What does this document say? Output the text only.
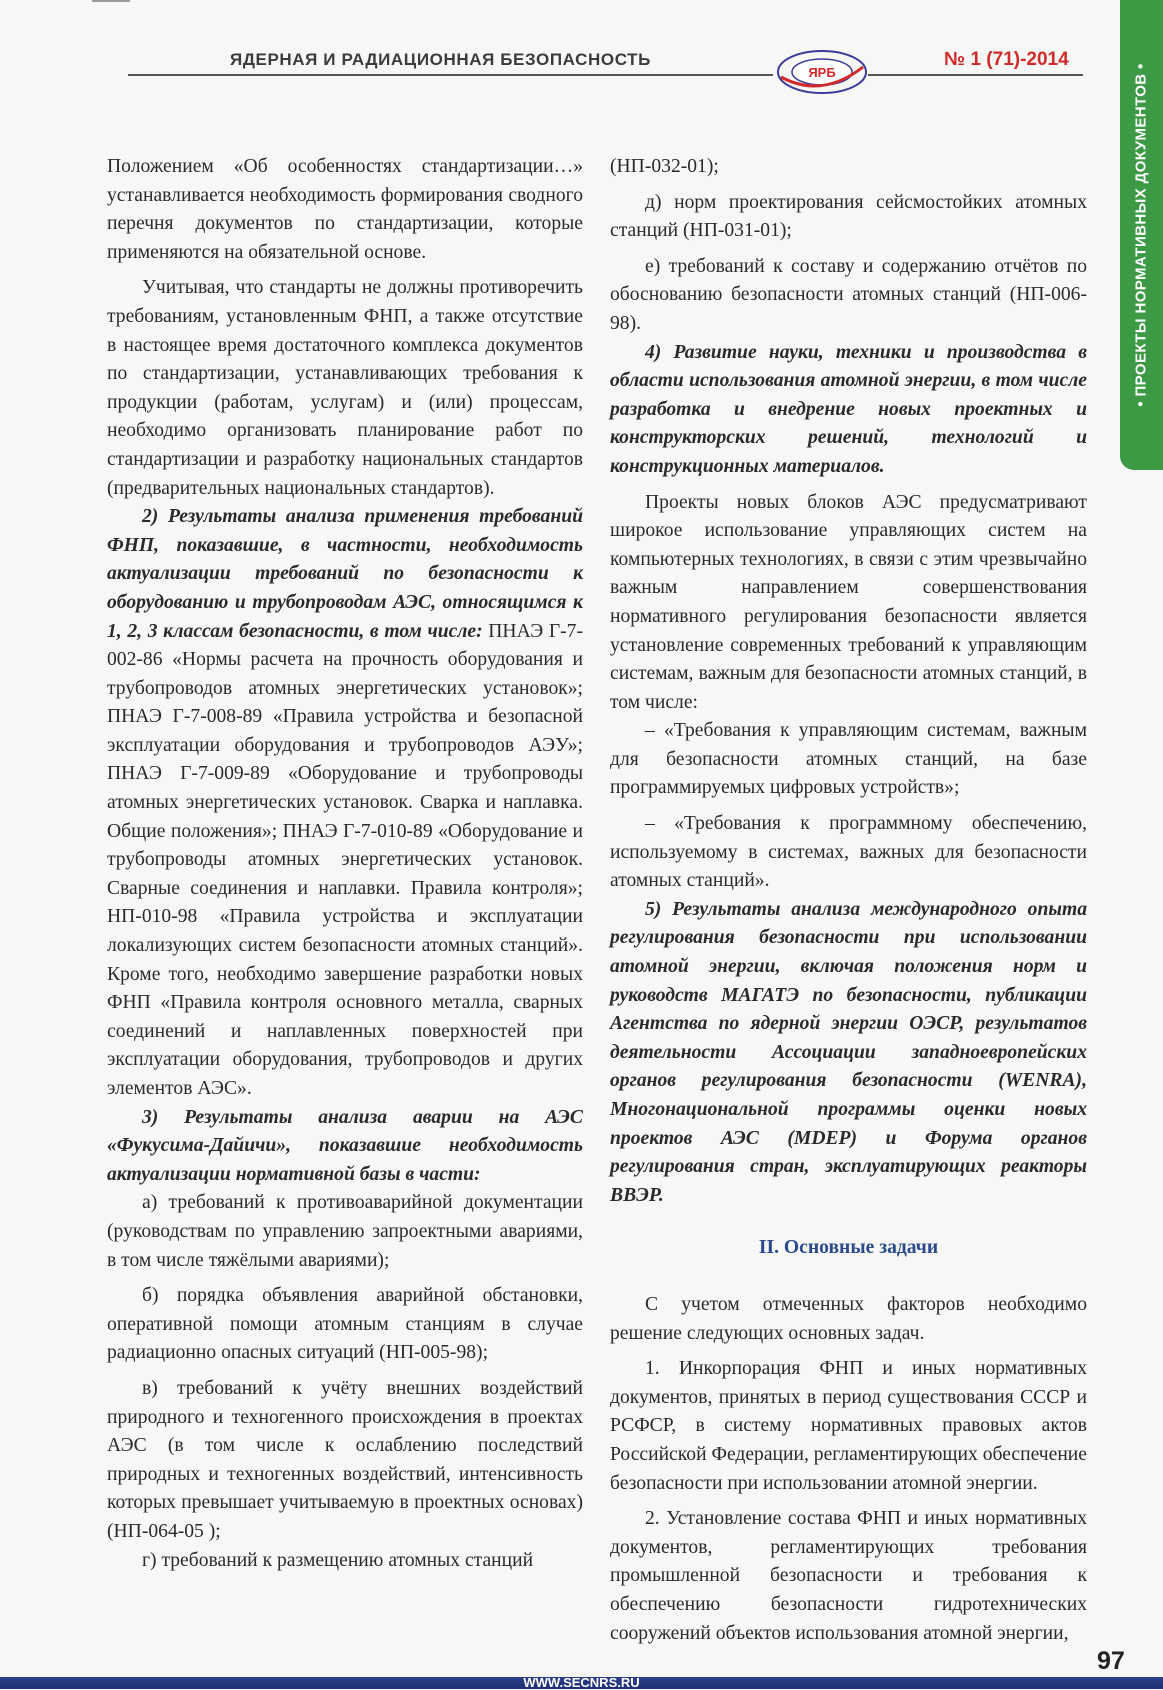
ЯДЕРНАЯ И РАДИАЦИОННАЯ БЕЗОПАСНОСТЬ
ЯРБ
№ 1 (71)-2014
• ПРОЕКТЫ НОРМАТИВНЫХ ДОКУМЕНТОВ •

Положением «Об особенностях стандартизации…» устанавливается необходимость формирования сводного перечня документов по стандартизации, которые применяются на обязательной основе.

Учитывая, что стандарты не должны противоречить требованиям, установленным ФНП, а также отсутствие в настоящее время достаточного комплекса документов по стандартизации, устанавливающих требования к продукции (работам, услугам) и (или) процессам, необходимо организовать планирование работ по стандартизации и разработку национальных стандартов (предварительных национальных стандартов).

2) Результаты анализа применения требований ФНП, показавшие, в частности, необходимость актуализации требований по безопасности к оборудованию и трубопроводам АЭС, относящимся к 1, 2, 3 классам безопасности, в том числе: ПНАЭ Г-7-002-86 «Нормы расчета на прочность оборудования и трубопроводов атомных энергетических установок»; ПНАЭ Г-7-008-89 «Правила устройства и безопасной эксплуатации оборудования и трубопроводов АЭУ»; ПНАЭ Г-7-009-89 «Оборудование и трубопроводы атомных энергетических установок. Сварка и наплавка. Общие положения»; ПНАЭ Г-7-010-89 «Оборудование и трубопроводы атомных энергетических установок. Сварные соединения и наплавки. Правила контроля»; НП-010-98 «Правила устройства и эксплуатации локализующих систем безопасности атомных станций». Кроме того, необходимо завершение разработки новых ФНП «Правила контроля основного металла, сварных соединений и наплавленных поверхностей при эксплуатации оборудования, трубопроводов и других элементов АЭС».

3) Результаты анализа аварии на АЭС «Фукусима-Дайичи», показавшие необходимость актуализации нормативной базы в части:

а) требований к противоаварийной документации (руководствам по управлению запроектными авариями, в том числе тяжёлыми авариями);

б) порядка объявления аварийной обстановки, оперативной помощи атомным станциям в случае радиационно опасных ситуаций (НП-005-98);

в) требований к учёту внешних воздействий природного и техногенного происхождения в проектах АЭС (в том числе к ослаблению последствий природных и техногенных воздействий, интенсивность которых превышает учитываемую в проектных основах) (НП-064-05 );

г) требований к размещению атомных станций

(НП-032-01);

д) норм проектирования сейсмостойких атомных станций (НП-031-01);

е) требований к составу и содержанию отчётов по обоснованию безопасности атомных станций (НП-006-98).

4) Развитие науки, техники и производства в области использования атомной энергии, в том числе разработка и внедрение новых проектных и конструкторских решений, технологий и конструкционных материалов.

Проекты новых блоков АЭС предусматривают широкое использование управляющих систем на компьютерных технологиях, в связи с этим чрезвычайно важным направлением совершенствования нормативного регулирования безопасности является установление современных требований к управляющим системам, важным для безопасности атомных станций, в том числе:

– «Требования к управляющим системам, важным для безопасности атомных станций, на базе программируемых цифровых устройств»;

– «Требования к программному обеспечению, используемому в системах, важных для безопасности атомных станций».

5) Результаты анализа международного опыта регулирования безопасности при использовании атомной энергии, включая положения норм и руководств МАГАТЭ по безопасности, публикации Агентства по ядерной энергии ОЭСР, результатов деятельности Ассоциации западноевропейских органов регулирования безопасности (WENRA), Многонациональной программы оценки новых проектов АЭС (MDEP) и Форума органов регулирования стран, эксплуатирующих реакторы ВВЭР.

II. Основные задачи

С учетом отмеченных факторов необходимо решение следующих основных задач.

1. Инкорпорация ФНП и иных нормативных документов, принятых в период существования СССР и РСФСР, в систему нормативных правовых актов Российской Федерации, регламентирующих обеспечение безопасности при использовании атомной энергии.

2. Установление состава ФНП и иных нормативных документов, регламентирующих требования промышленной безопасности и требования к обеспечению безопасности гидротехнических сооружений объектов использования атомной энергии,

97
WWW.SECNRS.RU
